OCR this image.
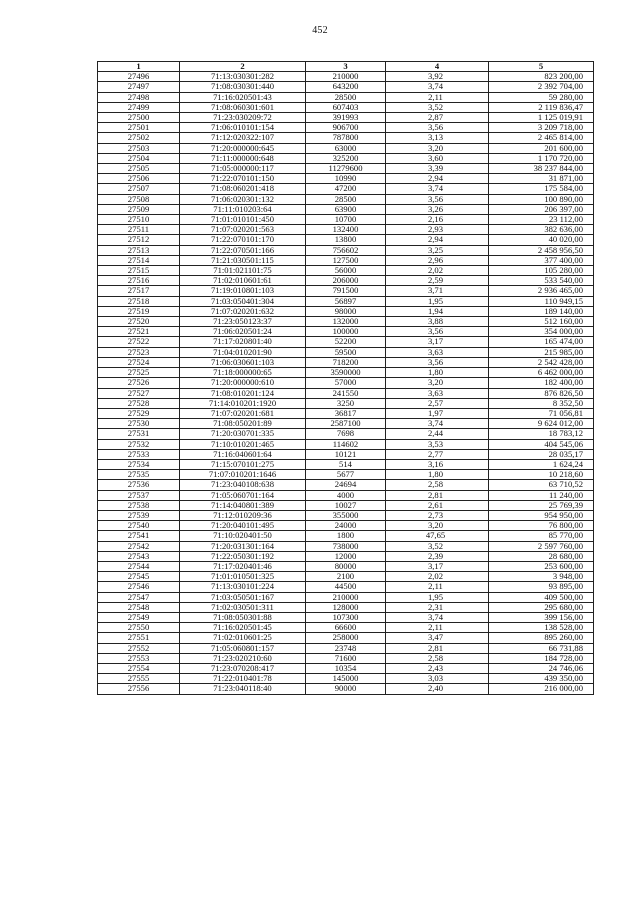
452
1	2	3	4	5
27496	71:13:030301:282	210000	3,92	823 200,00
27497	71:08:030301:440	643200	3,74	2 392 704,00
27498	71:16:020501:43	28500	2,11	59 280,00
27499	71:08:060301:601	607403	3,52	2 119 836,47
27500	71:23:030209:72	391993	2,87	1 125 019,91
27501	71:06:010101:154	906700	3,56	3 209 718,00
27502	71:12:020322:107	787800	3,13	2 465 814,00
27503	71:20:000000:645	63000	3,20	201 600,00
27504	71:11:000000:648	325200	3,60	1 170 720,00
27505	71:05:000000:117	11279600	3,39	38 237 844,00
27506	71:22:070101:150	10990	2,94	31 871,00
27507	71:08:060201:418	47200	3,74	175 584,00
27508	71:06:020301:132	28500	3,56	100 890,00
27509	71:11:010203:64	63900	3,26	206 397,00
27510	71:01:010101:450	10700	2,16	23 112,00
27511	71:07:020201:563	132400	2,93	382 636,00
27512	71:22:070101:170	13800	2,94	40 020,00
27513	71:22:070501:166	756602	3,25	2 458 956,50
27514	71:21:030501:115	127500	2,96	377 400,00
27515	71:01:021101:75	56000	2,02	105 280,00
27516	71:02:010601:61	206000	2,59	533 540,00
27517	71:19:010801:103	791500	3,71	2 936 465,00
27518	71:03:050401:304	56897	1,95	110 949,15
27519	71:07:020201:632	98000	1,94	189 140,00
27520	71:23:050123:37	132000	3,88	512 160,00
27521	71:06:020501:24	100000	3,56	354 000,00
27522	71:17:020801:40	52200	3,17	165 474,00
27523	71:04:010201:90	59500	3,63	215 985,00
27524	71:06:030601:103	718200	3,56	2 542 428,00
27525	71:18:000000:65	3590000	1,80	6 462 000,00
27526	71:20:000000:610	57000	3,20	182 400,00
27527	71:08:010201:124	241550	3,63	876 826,50
27528	71:14:010201:1920	3250	2,57	8 352,50
27529	71:07:020201:681	36817	1,97	71 056,81
27530	71:08:050201:89	2587100	3,74	9 624 012,00
27531	71:20:030701:335	7698	2,44	18 783,12
27532	71:10:010201:465	114602	3,53	404 545,06
27533	71:16:040601:64	10121	2,77	28 035,17
27534	71:15:070101:275	514	3,16	1 624,24
27535	71:07:010201:1646	5677	1,80	10 218,60
27536	71:23:040108:638	24694	2,58	63 710,52
27537	71:05:060701:164	4000	2,81	11 240,00
27538	71:14:040801:389	10027	2,61	25 769,39
27539	71:12:010209:36	355000	2,73	954 950,00
27540	71:20:040101:495	24000	3,20	76 800,00
27541	71:10:020401:50	1800	47,65	85 770,00
27542	71:20:031301:164	738000	3,52	2 597 760,00
27543	71:22:050301:192	12000	2,39	28 680,00
27544	71:17:020401:46	80000	3,17	253 600,00
27545	71:01:010501:325	2100	2,02	3 948,00
27546	71:13:030101:224	44500	2,11	93 895,00
27547	71:03:050501:167	210000	1,95	409 500,00
27548	71:02:030501:311	128000	2,31	295 680,00
27549	71:08:050301:88	107300	3,74	399 156,00
27550	71:16:020501:45	66600	2,11	138 528,00
27551	71:02:010601:25	258000	3,47	895 260,00
27552	71:05:060801:157	23748	2,81	66 731,88
27553	71:23:020210:60	71600	2,58	184 728,00
27554	71:23:070208:417	10354	2,43	24 746,06
27555	71:22:010401:78	145000	3,03	439 350,00
27556	71:23:040118:40	90000	2,40	216 000,00
